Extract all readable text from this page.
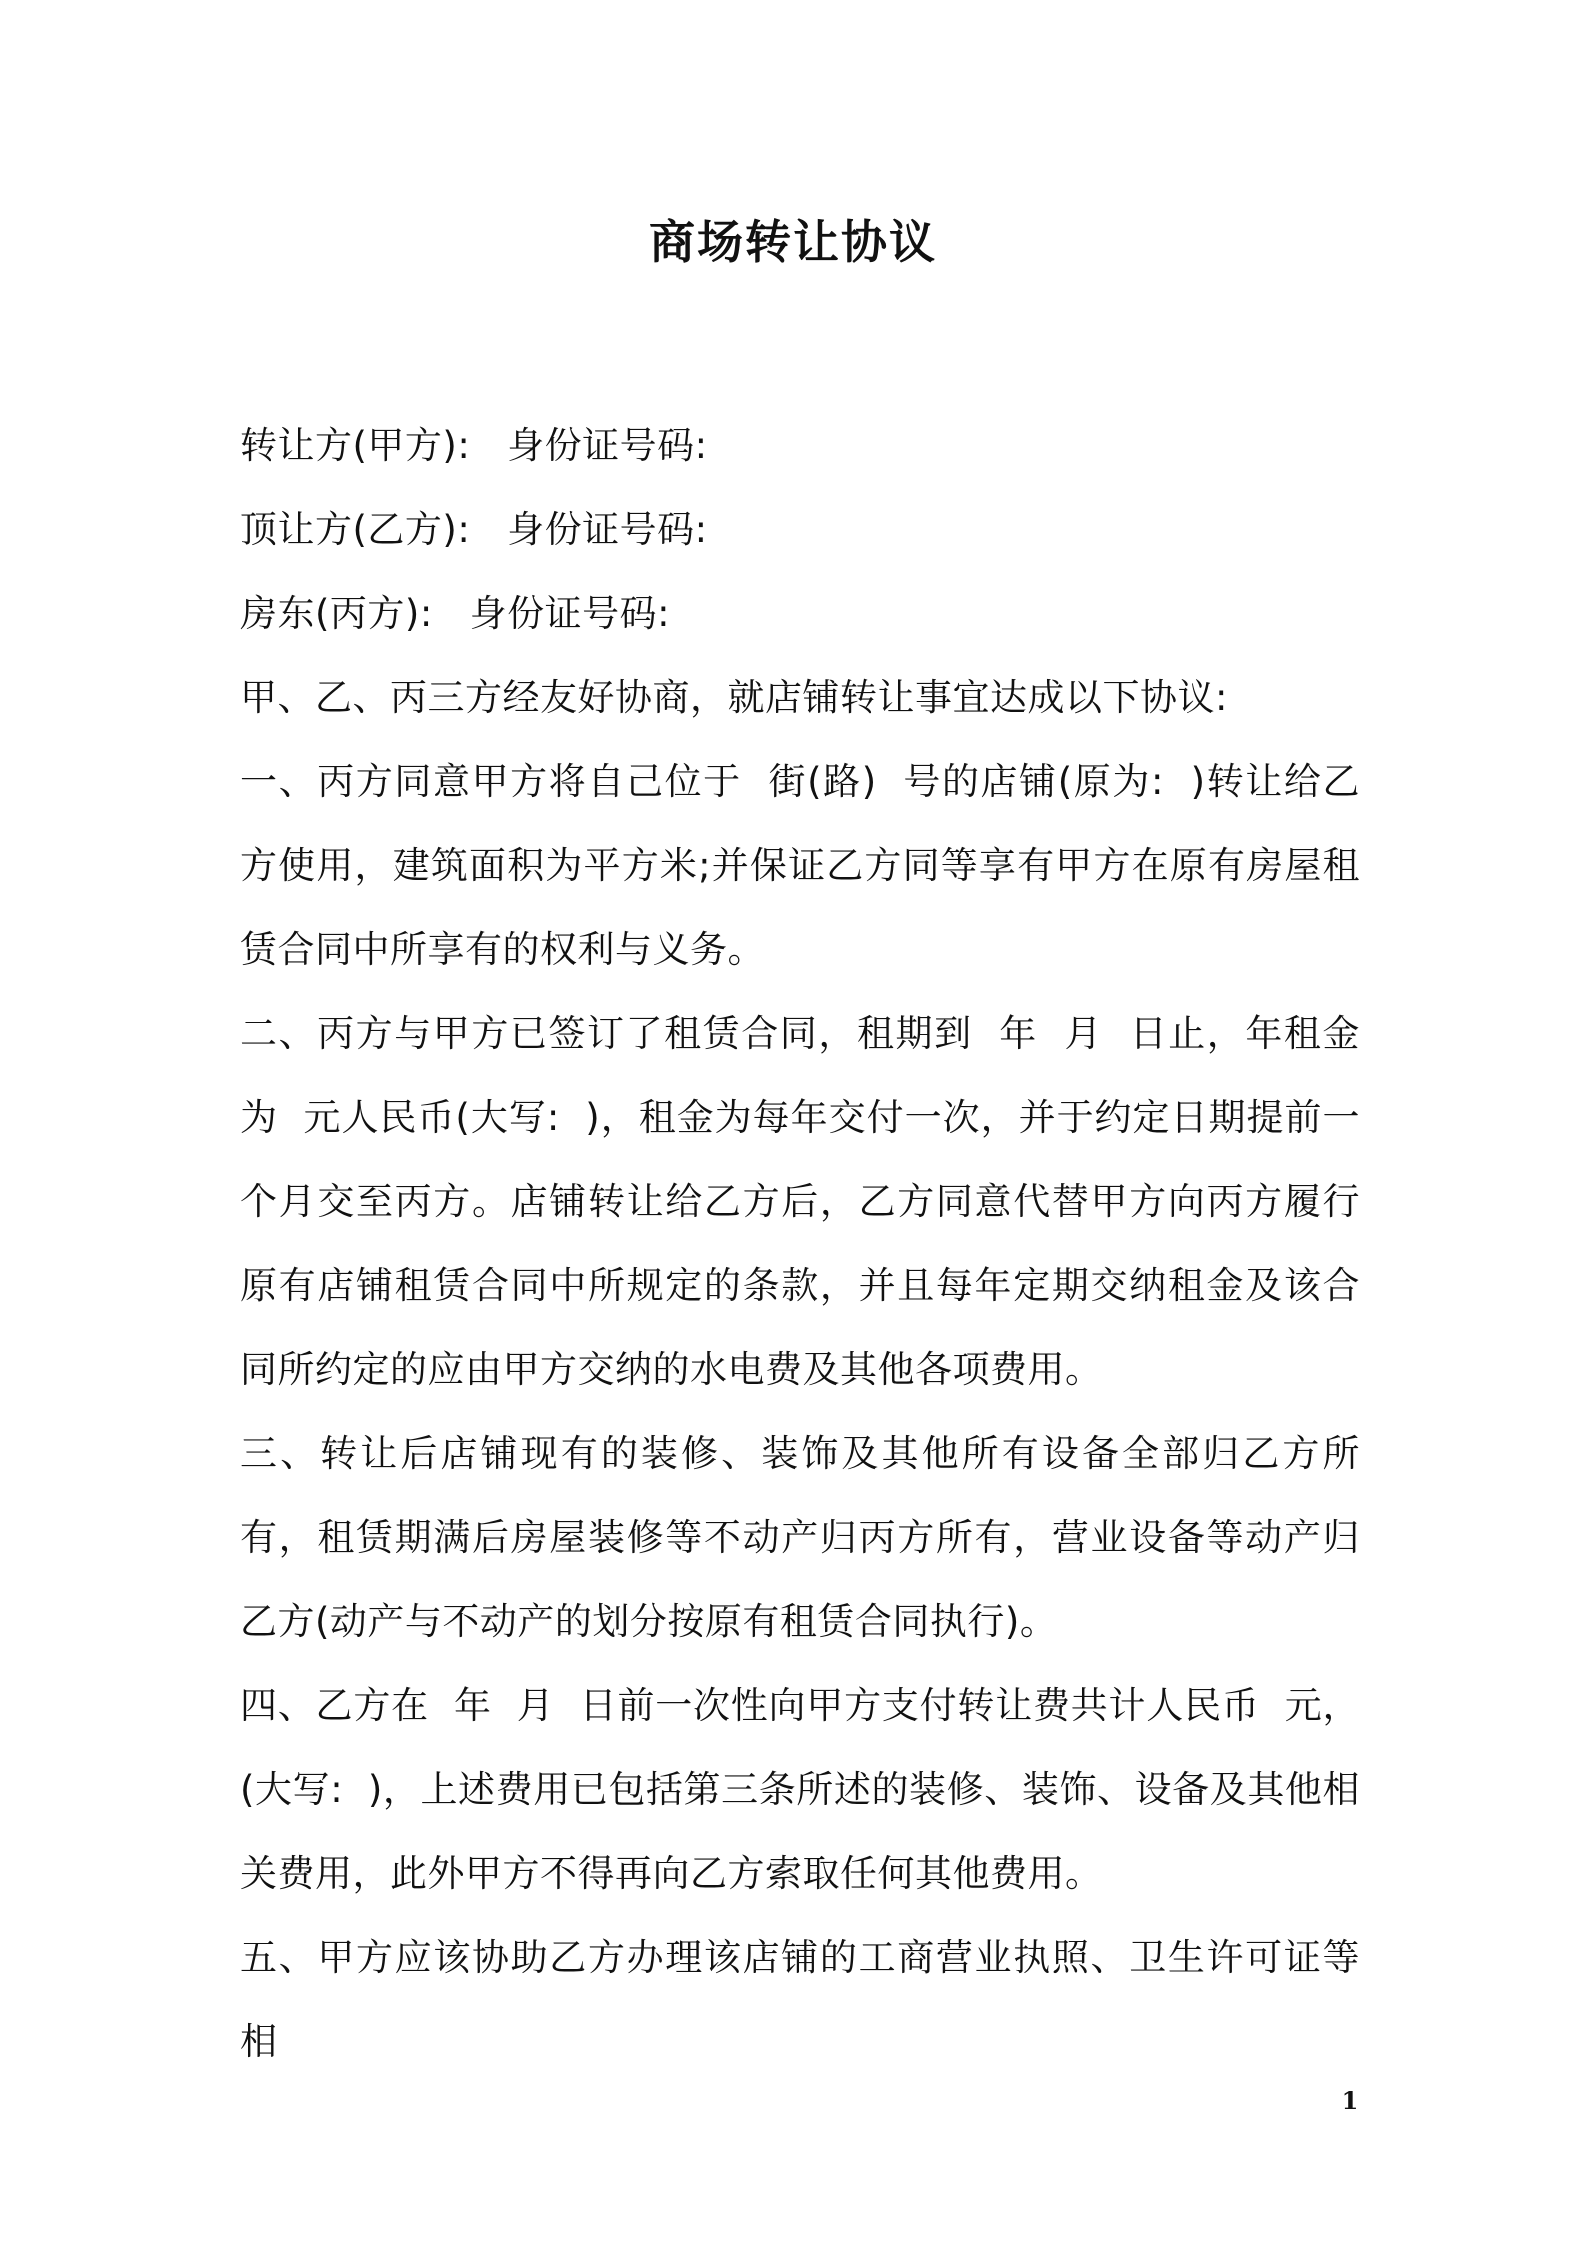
商场转让协议

转让方(甲方):   身份证号码:

顶让方(乙方):   身份证号码:

房东(丙方):   身份证号码:

甲、乙、丙三方经友好协商，就店铺转让事宜达成以下协议:

一、丙方同意甲方将自己位于  街(路)  号的店铺(原为:  )转让给乙方使用，建筑面积为平方米;并保证乙方同等享有甲方在原有房屋租赁合同中所享有的权利与义务。

二、丙方与甲方已签订了租赁合同，租期到  年  月  日止，年租金为  元人民币(大写:  )，租金为每年交付一次，并于约定日期提前一个月交至丙方。店铺转让给乙方后，乙方同意代替甲方向丙方履行原有店铺租赁合同中所规定的条款，并且每年定期交纳租金及该合同所约定的应由甲方交纳的水电费及其他各项费用。

三、转让后店铺现有的装修、装饰及其他所有设备全部归乙方所有，租赁期满后房屋装修等不动产归丙方所有，营业设备等动产归乙方(动产与不动产的划分按原有租赁合同执行)。

四、乙方在  年  月  日前一次性向甲方支付转让费共计人民币  元，(大写:  )，上述费用已包括第三条所述的装修、装饰、设备及其他相关费用，此外甲方不得再向乙方索取任何其他费用。

五、甲方应该协助乙方办理该店铺的工商营业执照、卫生许可证等相

1
